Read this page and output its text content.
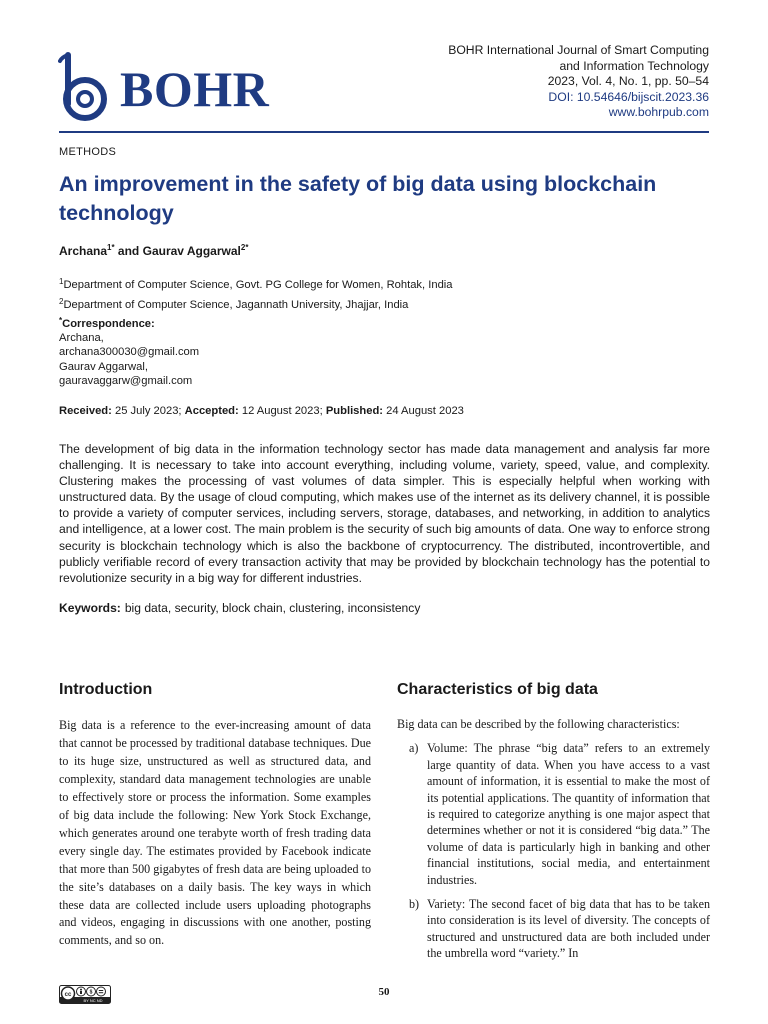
BOHR
BOHR International Journal of Smart Computing
and Information Technology
2023, Vol. 4, No. 1, pp. 50–54
DOI: 10.54646/bijscit.2023.36
www.bohrpub.com
METHODS
An improvement in the safety of big data using blockchain technology
Archana$^{1*}$ and Gaurav Aggarwal$^{2*}$
$^1$Department of Computer Science, Govt. PG College for Women, Rohtak, India
$^2$Department of Computer Science, Jagannath University, Jhajjar, India
*Correspondence:
Archana,
archana300030@gmail.com
Gaurav Aggarwal,
gauravaggarw@gmail.com
Received: 25 July 2023; Accepted: 12 August 2023; Published: 24 August 2023

The development of big data in the information technology sector has made data management and analysis far more challenging. It is necessary to take into account everything, including volume, variety, speed, value, and complexity. Clustering makes the processing of vast volumes of data simpler. This is especially helpful when working with unstructured data. By the usage of cloud computing, which makes use of the internet as its delivery channel, it is possible to provide a variety of computer services, including servers, storage, databases, and networking, in addition to analytics and intelligence, at a lower cost. The main problem is the security of such big amounts of data. One way to enforce strong security is blockchain technology which is also the backbone of cryptocurrency. The distributed, incontrovertible, and publicly verifiable record of every transaction activity that may be provided by blockchain technology has the potential to revolutionize security in a big way for different industries.

Keywords: big data, security, block chain, clustering, inconsistency
Introduction	Characteristics of big data

Big data is a reference to the ever-increasing amount of data that cannot be processed by traditional database techniques. Due to its huge size, unstructured as well as structured data, and complexity, standard data management technologies are unable to effectively store or process the information. Some examples of big data include the following: New York Stock Exchange, which generates around one terabyte worth of fresh trading data every single day. The estimates provided by Facebook indicate that more than 500 gigabytes of fresh data are being uploaded to the site’s databases on a daily basis. The key ways in which these data are collected include users uploading photographs and videos, engaging in discussions with one another, posting comments, and so on.

Big data can be described by the following characteristics:
a) Volume: The phrase “big data” refers to an extremely large quantity of data. When you have access to a vast amount of information, it is essential to make the most of its potential applications. The quantity of information that is required to categorize anything is one major aspect that determines whether or not it is considered “big data.” The volume of data is particularly high in banking and other financial institutions, social media, and entertainment industries.
b) Variety: The second facet of big data that has to be taken into consideration is its level of diversity. The concepts of structured and unstructured data are both included under the umbrella word “variety.” In
cc	$
BY NC ND
50
